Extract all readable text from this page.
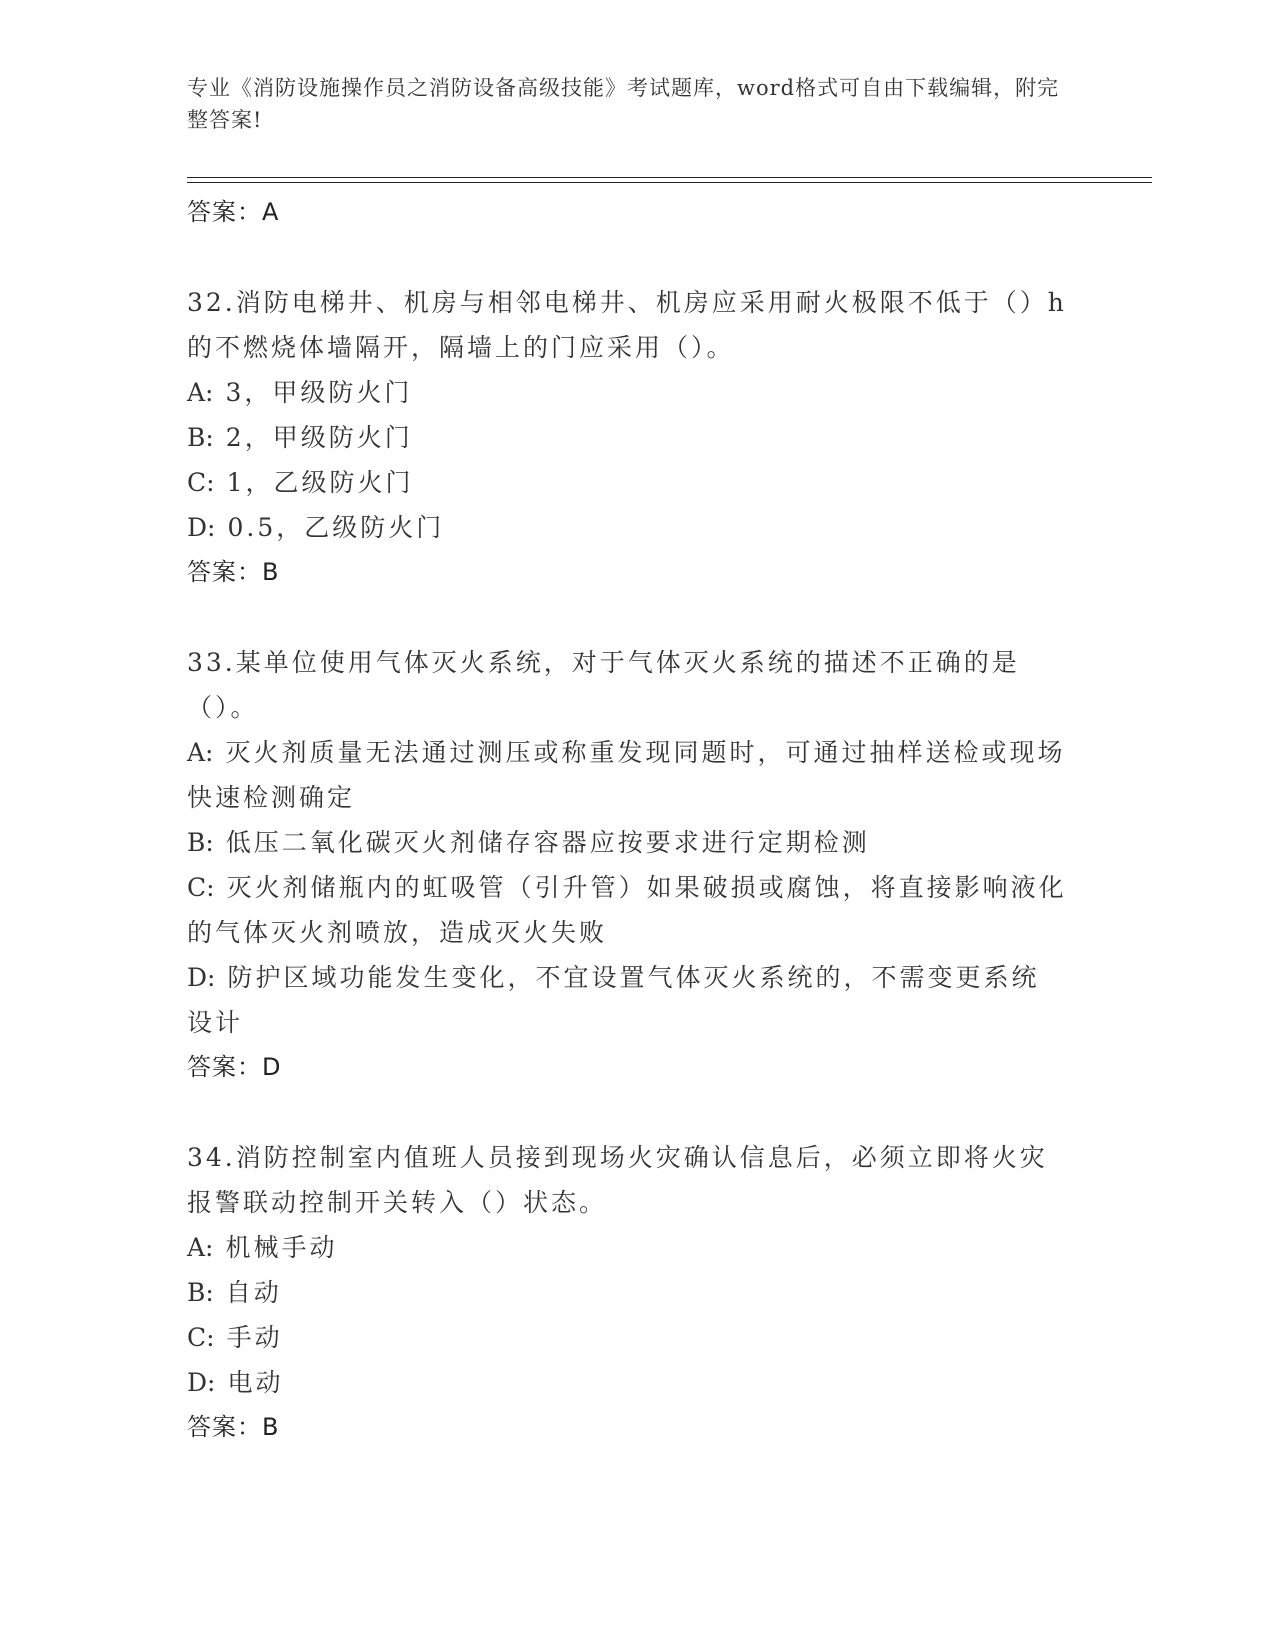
专业《消防设施操作员之消防设备高级技能》考试题库，word格式可自由下载编辑，附完整答案!
答案：A

32.消防电梯井、机房与相邻电梯井、机房应采用耐火极限不低于（）h的不燃烧体墙隔开，隔墙上的门应采用（）。

A: 3，甲级防火门

B: 2，甲级防火门

C: 1，乙级防火门

D: 0.5，乙级防火门

答案：B

33.某单位使用气体灭火系统，对于气体灭火系统的描述不正确的是（）。

A: 灭火剂质量无法通过测压或称重发现同题时，可通过抽样送检或现场快速检测确定

B: 低压二氧化碳灭火剂储存容器应按要求进行定期检测

C: 灭火剂储瓶内的虹吸管（引升管）如果破损或腐蚀，将直接影响液化的气体灭火剂喷放，造成灭火失败

D: 防护区域功能发生变化，不宜设置气体灭火系统的，不需变更系统设计

答案：D

34.消防控制室内值班人员接到现场火灾确认信息后，必须立即将火灾报警联动控制开关转入（）状态。

A: 机械手动

B: 自动

C: 手动

D: 电动

答案：B
